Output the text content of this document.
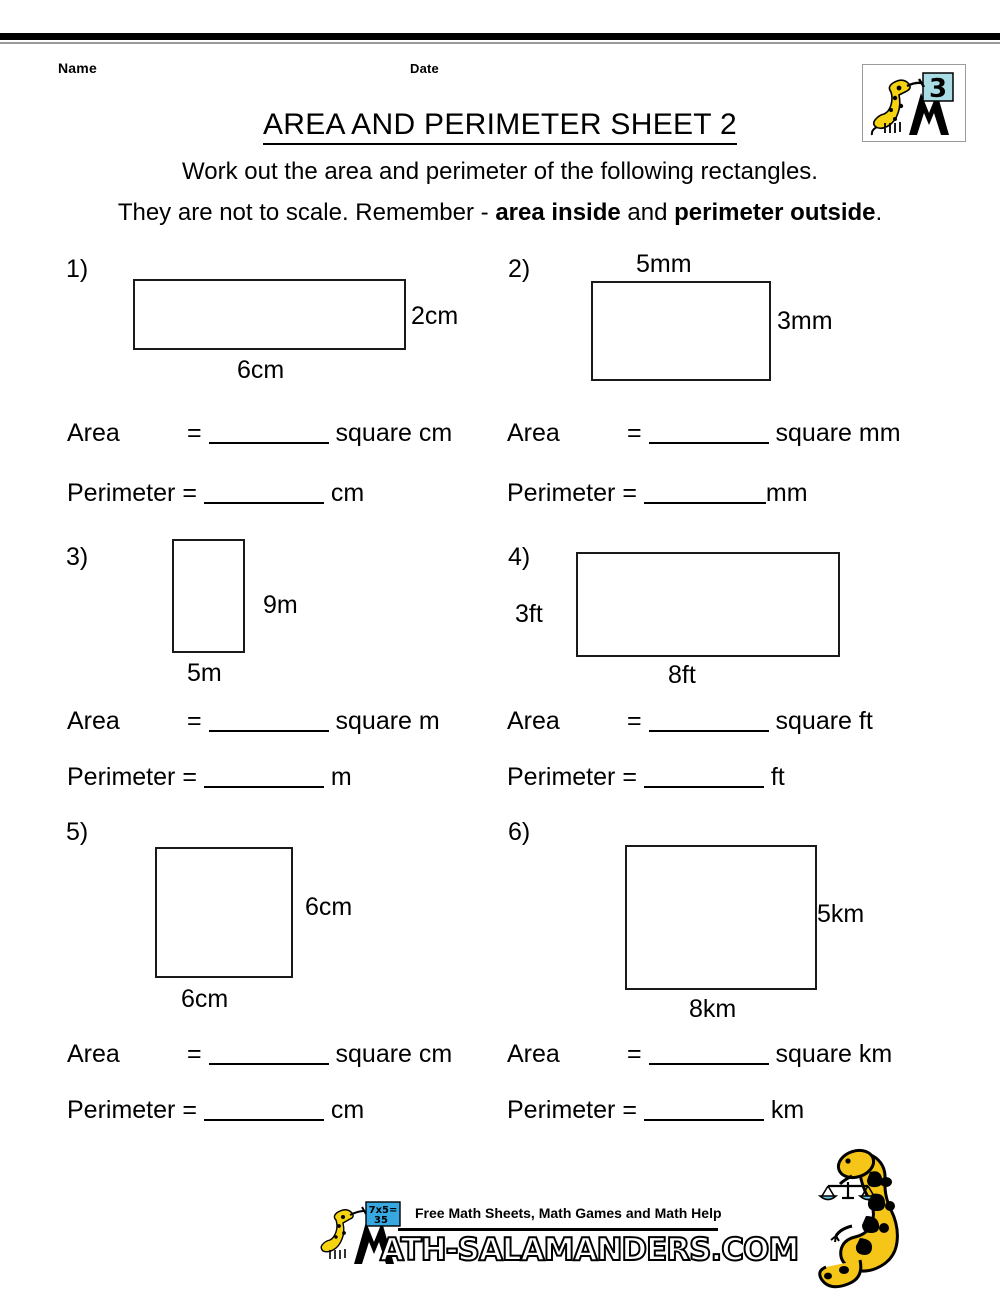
Name	Date
3
AREA AND PERIMETER SHEET 2
Work out the area and perimeter of the following rectangles.
They are not to scale. Remember - area inside and perimeter outside.
1)
6cm
2cm
Area	=	square cm
Perimeter =	cm
2)	5mm
3mm
Area	=	square mm
Perimeter =	mm
3)
5m
9m
Area	=	square m
Perimeter =	m
4)
8ft
3ft
Area	=	square ft
Perimeter =	ft
5)
6cm
6cm
Area	=	square cm
Perimeter =	cm
6)
8km
5km
Area	=	square km
Perimeter =	km
7x5=
35 Free Math Sheets, Math Games and Math Help
ATH-SALAMANDERS.COM
